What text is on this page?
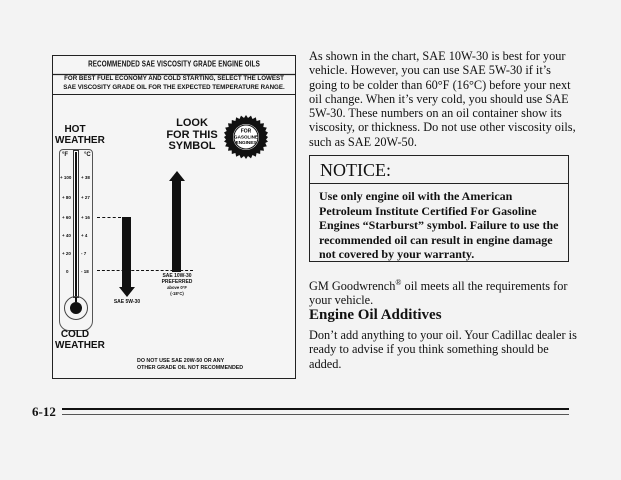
RECOMMENDED SAE VISCOSITY GRADE ENGINE OILS
FOR BEST FUEL ECONOMY AND COLD STARTING, SELECT THE LOWEST
SAE VISCOSITY GRADE OIL FOR THE EXPECTED TEMPERATURE RANGE.
HOT
WEATHER
LOOK
FOR THIS
SYMBOL
FOR
GASOLINE
ENGINES
°F	°C
+ 100
+ 80
+ 60
+ 40
+ 20
0
+ 38
+ 27
+ 16
+ 4
- 7
- 18
SAE 5W-30
SAE 10W-30
PREFERRED
above 0°F
(-18°C)
COLD
WEATHER
DO NOT USE SAE 20W-50 OR ANY
OTHER GRADE OIL NOT RECOMMENDED
As shown in the chart, SAE 10W-30 is best for your vehicle. However, you can use SAE 5W-30 if it’s going to be colder than 60°F (16°C) before your next oil change. When it’s very cold, you should use SAE 5W-30. These numbers on an oil container show its viscosity, or thickness. Do not use other viscosity oils, such as SAE 20W-50.
NOTICE:
Use only engine oil with the American Petroleum Institute Certified For Gasoline Engines “Starburst” symbol. Failure to use the recommended oil can result in engine damage not covered by your warranty.
GM Goodwrench® oil meets all the requirements for your vehicle.
Engine Oil Additives
Don’t add anything to your oil. Your Cadillac dealer is ready to advise if you think something should be added.
6-12
